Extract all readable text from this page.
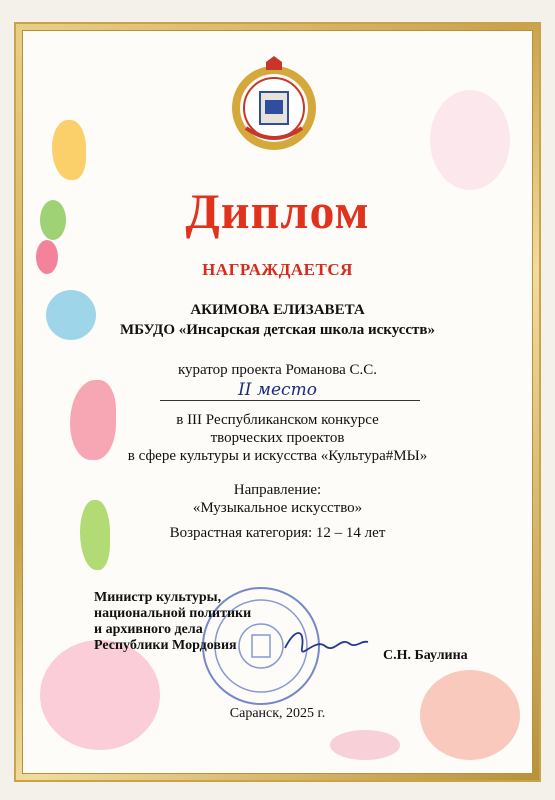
Диплом
НАГРАЖДАЕТСЯ
АКИМОВА ЕЛИЗАВЕТА
МБУДО «Инсарская детская школа искусств»
куратор проекта Романова С.С.
II место
в III Республиканском конкурсе
творческих проектов
в сфере культуры и искусства «Культура#МЫ»
Направление:
«Музыкальное искусство»
Возрастная категория: 12 – 14 лет
Министр культуры,
национальной политики
и архивного дела
Республики Мордовия
С.Н. Баулина
Саранск, 2025 г.
